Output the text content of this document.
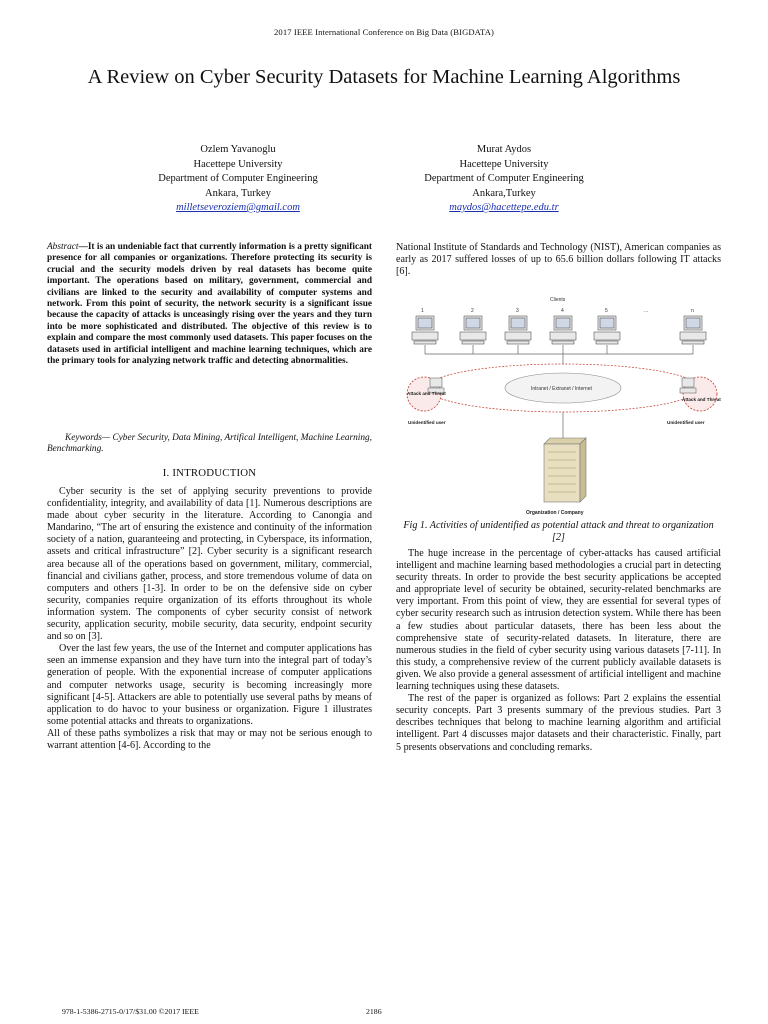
2017 IEEE International Conference on Big Data (BIGDATA)
A Review on Cyber Security Datasets for Machine Learning Algorithms
Ozlem Yavanoglu
Hacettepe University
Department of Computer Engineering
Ankara, Turkey
milletseveroziem@gmail.com
Murat Aydos
Hacettepe University
Department of Computer Engineering
Ankara,Turkey
maydos@hacettepe.edu.tr
Abstract—It is an undeniable fact that currently information is a pretty significant presence for all companies or organizations. Therefore protecting its security is crucial and the security models driven by real datasets has become quite important. The operations based on military, government, commercial and civilians are linked to the security and availability of computer systems and network. From this point of security, the network security is a significant issue because the capacity of attacks is unceasingly rising over the years and they turn into be more sophisticated and distributed. The objective of this review is to explain and compare the most commonly used datasets. This paper focuses on the datasets used in artificial intelligent and machine learning techniques, which are the primary tools for analyzing network traffic and detecting abnormalities.
Keywords— Cyber Security, Data Mining, Artifical Intelligent, Machine Learning, Benchmarking.
I. INTRODUCTION

Cyber security is the set of applying security preventions to provide confidentiality, integrity, and availability of data [1]. Numerous descriptions are made about cyber security in the literature. According to Canongia and Mandarino, “The art of ensuring the existence and continuity of the information society of a nation, guaranteeing and protecting, in Cyberspace, its information, assets and critical infrastructure” [2]. Cyber security is a significant research area because all of the operations based on government, military, commercial, financial and civilians gather, process, and store tremendous volume of data on computers and others [1-3]. In order to be on the defensive side on cyber security, companies require organization of its efforts throughout its whole information system. The components of cyber security consist of network security, application security, mobile security, data security, endpoint security and so on [3].

Over the last few years, the use of the Internet and computer applications has seen an immense expansion and they have turn into the integral part of today’s generation of people. With the exponential increase of computer applications and computer networks usage, security is becoming increasingly more significant [4-5]. Attackers are able to potentially use several paths by means of application to do havoc to your business or organization. Figure 1 illustrates some potential attacks and threats to organizations.

All of these paths symbolizes a risk that may or may not be serious enough to warrant attention [4-6]. According to the

National Institute of Standards and Technology (NIST), American companies as early as 2017 suffered losses of up to 65.6 billion dollars following IT attacks [6].

Clients
1	2	3	4	5	...	n
Intranet / Extranet / Internet
Attack and Threat
Attack and Threat
Unidentified user	Unidentified user
Organization / Company
Fig 1. Activities of unidentified as potential attack and threat to organization [2]

The huge increase in the percentage of cyber-attacks has caused artificial intelligent and machine learning based methodologies a crucial part in detecting security threats. In order to provide the best security applications be accepted and appropriate level of security be obtained, security-related benchmarks are very important. From this point of view, they are essential for several types of cyber security research such as intrusion detection system. While there has been a few studies about particular datasets, there has been less about the comprehensive state of security-related datasets. In literature, there are numerous studies in the field of cyber security using various datasets [7-11]. In this study, a comprehensive review of the current publicly available datasets is given. We also provide a general assessment of artificial intelligent and machine learning techniques using these datasets.

The rest of the paper is organized as follows: Part 2 explains the essential security concepts. Part 3 presents summary of the previous studies. Part 3 describes techniques that belong to machine learning algorithm and artificial intelligent. Part 4 discusses major datasets and their characteristic. Finally, part 5 presents observations and concluding remarks.

978-1-5386-2715-0/17/$31.00 ©2017 IEEE	2186
